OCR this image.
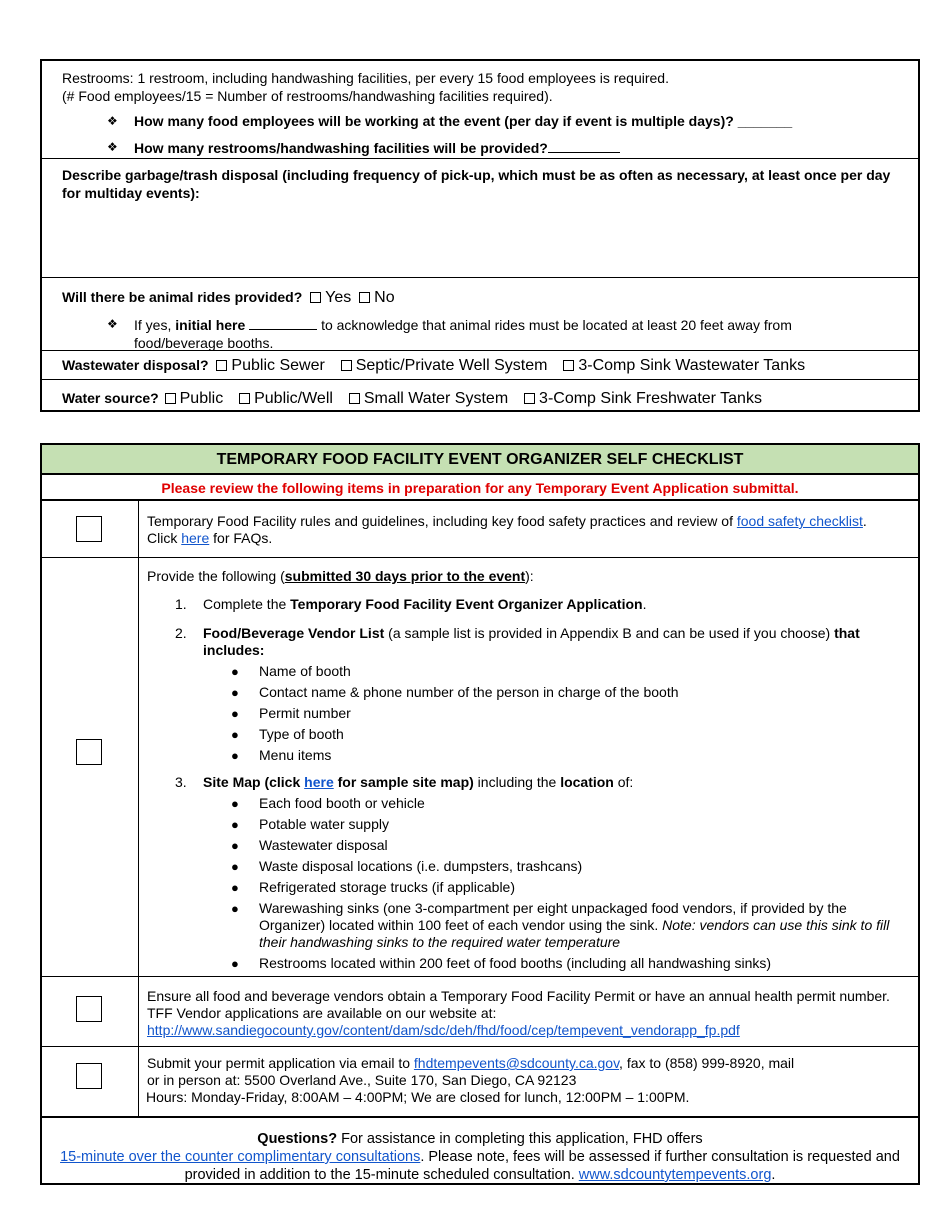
Restrooms: 1 restroom, including handwashing facilities, per every 15 food employees is required.
(# Food employees/15 = Number of restrooms/handwashing facilities required).
❖ How many food employees will be working at the event (per day if event is multiple days)? _______
❖ How many restrooms/handwashing facilities will be provided?
Describe garbage/trash disposal (including frequency of pick-up, which must be as often as necessary, at least once per day for multiday events):
Will there be animal rides provided? Yes No
❖ If yes, initial here	to acknowledge that animal rides must be located at least 20 feet away from food/beverage booths.
Wastewater disposal? Public Sewer Septic/Private Well System 3-Comp Sink Wastewater Tanks
Water source? Public Public/Well Small Water System 3-Comp Sink Freshwater Tanks
TEMPORARY FOOD FACILITY EVENT ORGANIZER SELF CHECKLIST
Please review the following items in preparation for any Temporary Event Application submittal.
Temporary Food Facility rules and guidelines, including key food safety practices and review of food safety checklist.
Click here for FAQs.
Provide the following (submitted 30 days prior to the event):
1. Complete the Temporary Food Facility Event Organizer Application.
2. Food/Beverage Vendor List (a sample list is provided in Appendix B and can be used if you choose) that includes:
● Name of booth
● Contact name & phone number of the person in charge of the booth
● Permit number
● Type of booth
● Menu items
3. Site Map (click here for sample site map) including the location of:
● Each food booth or vehicle
● Potable water supply
● Wastewater disposal
● Waste disposal locations (i.e. dumpsters, trashcans)
● Refrigerated storage trucks (if applicable)
● Warewashing sinks (one 3-compartment per eight unpackaged food vendors, if provided by the Organizer) located within 100 feet of each vendor using the sink. Note: vendors can use this sink to fill their handwashing sinks to the required water temperature
● Restrooms located within 200 feet of food booths (including all handwashing sinks)
Ensure all food and beverage vendors obtain a Temporary Food Facility Permit or have an annual health permit number. TFF Vendor applications are available on our website at:
http://www.sandiegocounty.gov/content/dam/sdc/deh/fhd/food/cep/tempevent_vendorapp_fp.pdf
Submit your permit application via email to fhdtempevents@sdcounty.ca.gov, fax to (858) 999-8920, mail
or in person at: 5500 Overland Ave., Suite 170, San Diego, CA 92123
Hours: Monday-Friday, 8:00AM – 4:00PM; We are closed for lunch, 12:00PM – 1:00PM.
Questions? For assistance in completing this application, FHD offers
15-minute over the counter complimentary consultations. Please note, fees will be assessed if further consultation is requested and provided in addition to the 15-minute scheduled consultation. www.sdcountytempevents.org.
